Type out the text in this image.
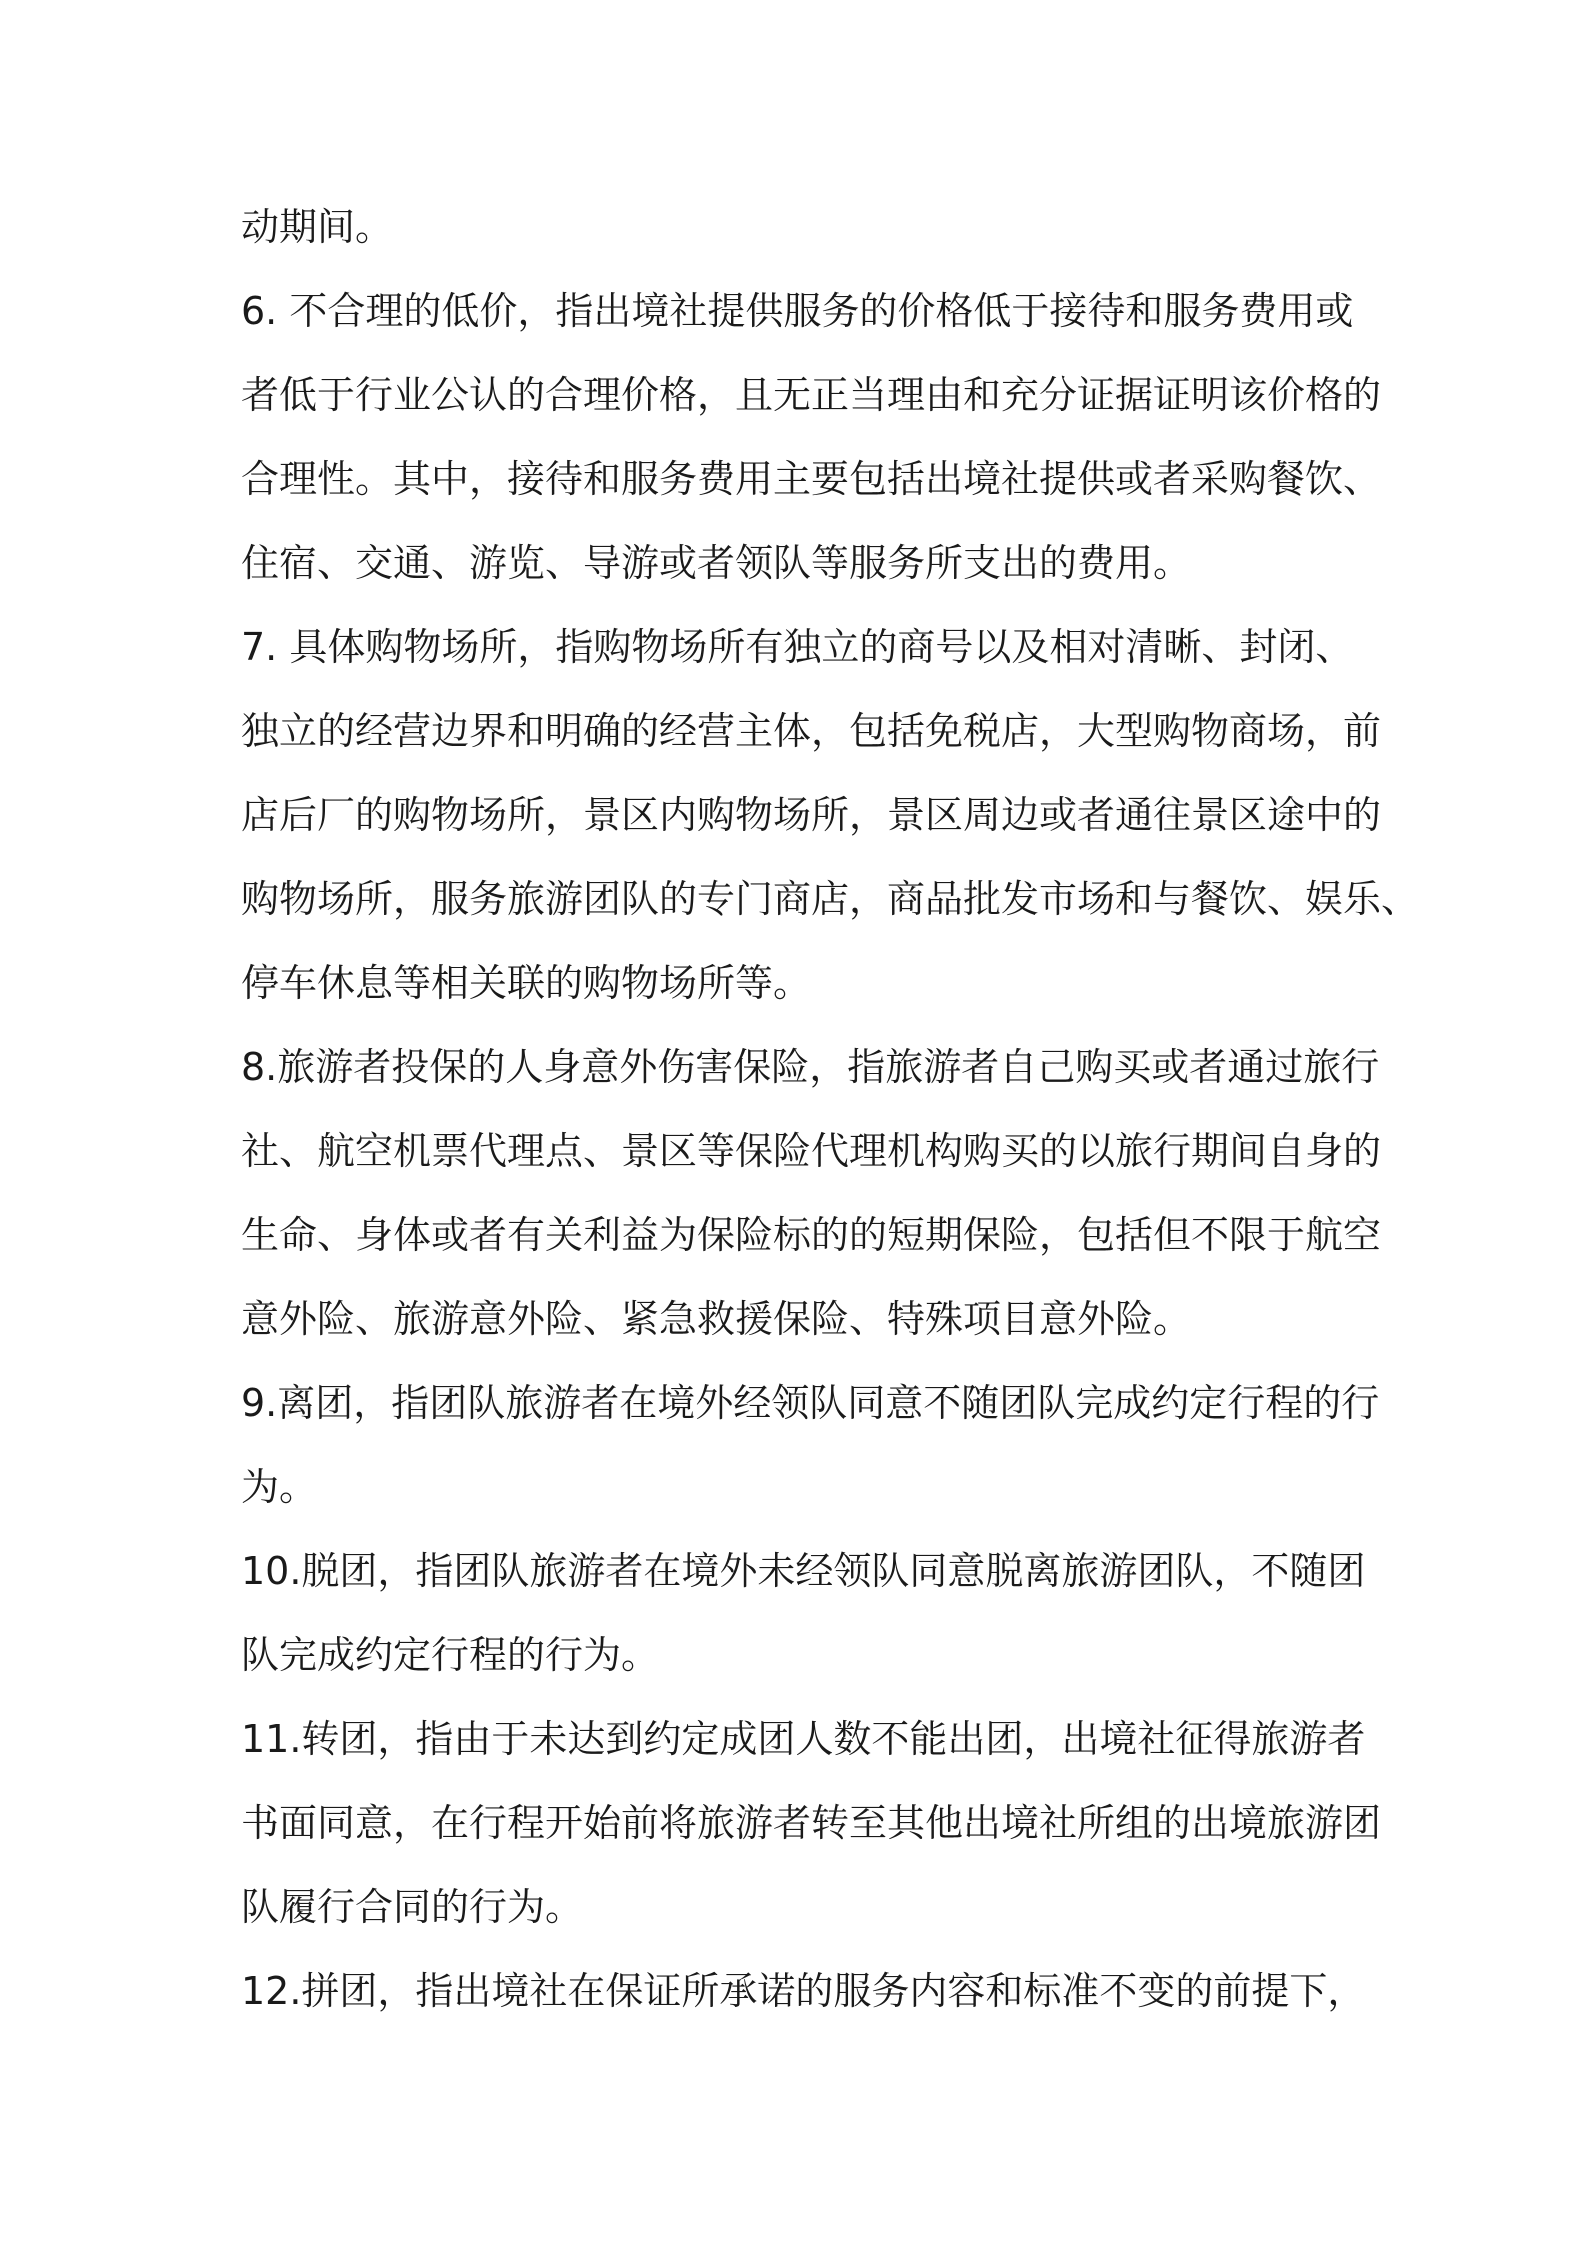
动期间。
6. 不合理的低价，指出境社提供服务的价格低于接待和服务费用或
者低于行业公认的合理价格，且无正当理由和充分证据证明该价格的
合理性。其中，接待和服务费用主要包括出境社提供或者采购餐饮、
住宿、交通、游览、导游或者领队等服务所支出的费用。
7. 具体购物场所，指购物场所有独立的商号以及相对清晰、封闭、
独立的经营边界和明确的经营主体，包括免税店，大型购物商场，前
店后厂的购物场所，景区内购物场所，景区周边或者通往景区途中的
购物场所，服务旅游团队的专门商店，商品批发市场和与餐饮、娱乐、
停车休息等相关联的购物场所等。
8.旅游者投保的人身意外伤害保险，指旅游者自己购买或者通过旅行
社、航空机票代理点、景区等保险代理机构购买的以旅行期间自身的
生命、身体或者有关利益为保险标的的短期保险，包括但不限于航空
意外险、旅游意外险、紧急救援保险、特殊项目意外险。
9.离团，指团队旅游者在境外经领队同意不随团队完成约定行程的行
为。
10.脱团，指团队旅游者在境外未经领队同意脱离旅游团队，不随团
队完成约定行程的行为。
11.转团，指由于未达到约定成团人数不能出团，出境社征得旅游者
书面同意，在行程开始前将旅游者转至其他出境社所组的出境旅游团
队履行合同的行为。
12.拼团，指出境社在保证所承诺的服务内容和标准不变的前提下，
